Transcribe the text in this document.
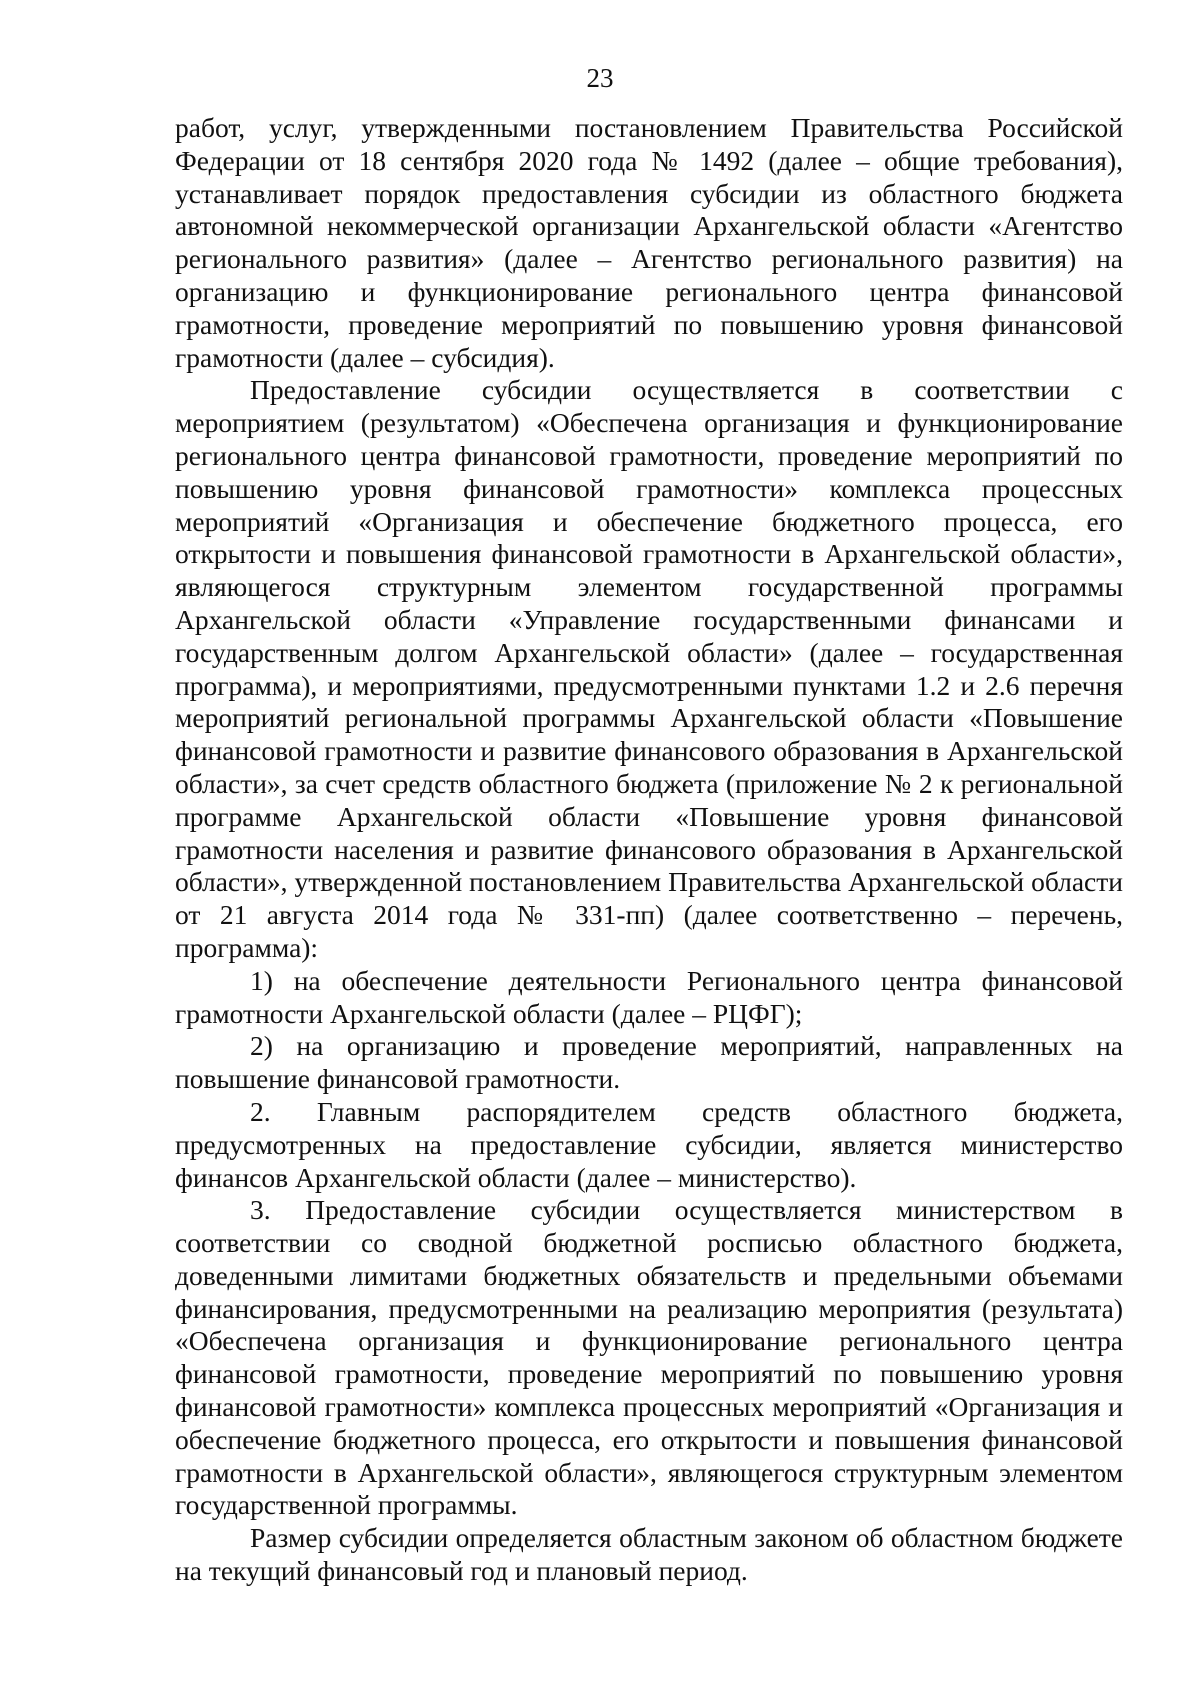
23

работ, услуг, утвержденными постановлением Правительства Российской Федерации от 18 сентября 2020 года № 1492 (далее – общие требования), устанавливает порядок предоставления субсидии из областного бюджета автономной некоммерческой организации Архангельской области «Агентство регионального развития» (далее – Агентство регионального развития) на организацию и функционирование регионального центра финансовой грамотности, проведение мероприятий по повышению уровня финансовой грамотности (далее – субсидия).

Предоставление субсидии осуществляется в соответствии с мероприятием (результатом) «Обеспечена организация и функционирование регионального центра финансовой грамотности, проведение мероприятий по повышению уровня финансовой грамотности» комплекса процессных мероприятий «Организация и обеспечение бюджетного процесса, его открытости и повышения финансовой грамотности в Архангельской области», являющегося структурным элементом государственной программы Архангельской области «Управление государственными финансами и государственным долгом Архангельской области» (далее – государственная программа), и мероприятиями, предусмотренными пунктами 1.2 и 2.6 перечня мероприятий региональной программы Архангельской области «Повышение финансовой грамотности и развитие финансового образования в Архангельской области», за счет средств областного бюджета (приложение № 2 к региональной программе Архангельской области «Повышение уровня финансовой грамотности населения и развитие финансового образования в Архангельской области», утвержденной постановлением Правительства Архангельской области от 21 августа 2014 года № 331-пп) (далее соответственно – перечень, программа):

1) на обеспечение деятельности Регионального центра финансовой грамотности Архангельской области (далее – РЦФГ);

2) на организацию и проведение мероприятий, направленных на повышение финансовой грамотности.

2. Главным распорядителем средств областного бюджета, предусмотренных на предоставление субсидии, является министерство финансов Архангельской области (далее – министерство).

3. Предоставление субсидии осуществляется министерством в соответствии со сводной бюджетной росписью областного бюджета, доведенными лимитами бюджетных обязательств и предельными объемами финансирования, предусмотренными на реализацию мероприятия (результата) «Обеспечена организация и функционирование регионального центра финансовой грамотности, проведение мероприятий по повышению уровня финансовой грамотности» комплекса процессных мероприятий «Организация и обеспечение бюджетного процесса, его открытости и повышения финансовой грамотности в Архангельской области», являющегося структурным элементом государственной программы.

Размер субсидии определяется областным законом об областном бюджете на текущий финансовый год и плановый период.
